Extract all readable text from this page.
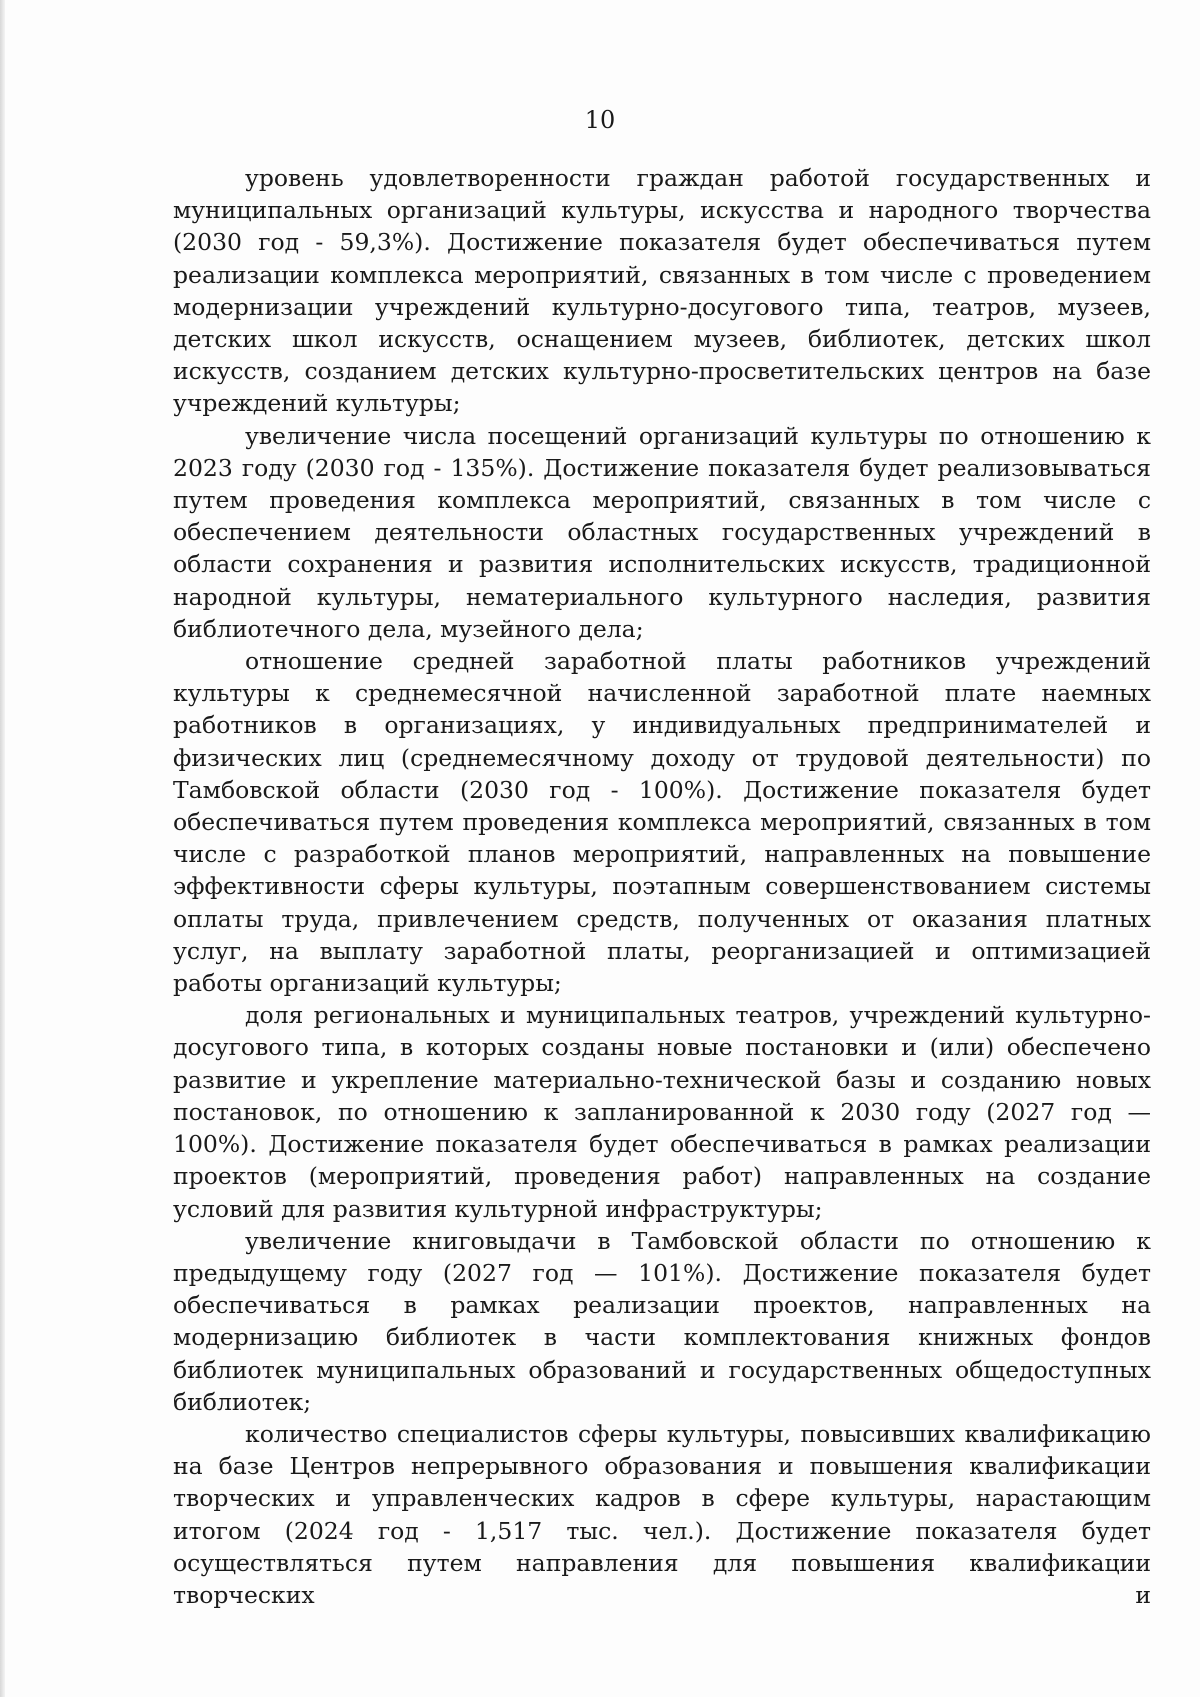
10

уровень удовлетворенности граждан работой государственных и муниципальных организаций культуры, искусства и народного творчества (2030 год - 59,3%). Достижение показателя будет обеспечиваться путем реализации комплекса мероприятий, связанных в том числе с проведением модернизации учреждений культурно-досугового типа, театров, музеев, детских школ искусств, оснащением музеев, библиотек, детских школ искусств, созданием детских культурно-просветительских центров на базе учреждений культуры;

увеличение числа посещений организаций культуры по отношению к 2023 году (2030 год - 135%). Достижение показателя будет реализовываться путем проведения комплекса мероприятий, связанных в том числе с обеспечением деятельности областных государственных учреждений в области сохранения и развития исполнительских искусств, традиционной народной культуры, нематериального культурного наследия, развития библиотечного дела, музейного дела;

отношение средней заработной платы работников учреждений культуры к среднемесячной начисленной заработной плате наемных работников в организациях, у индивидуальных предпринимателей и физических лиц (среднемесячному доходу от трудовой деятельности) по Тамбовской области (2030 год - 100%). Достижение показателя будет обеспечиваться путем проведения комплекса мероприятий, связанных в том числе с разработкой планов мероприятий, направленных на повышение эффективности сферы культуры, поэтапным совершенствованием системы оплаты труда, привлечением средств, полученных от оказания платных услуг, на выплату заработной платы, реорганизацией и оптимизацией работы организаций культуры;

доля региональных и муниципальных театров, учреждений культурно-досугового типа, в которых созданы новые постановки и (или) обеспечено развитие и укрепление материально-технической базы и созданию новых постановок, по отношению к запланированной к 2030 году (2027 год — 100%). Достижение показателя будет обеспечиваться в рамках реализации проектов (мероприятий, проведения работ) направленных на создание условий для развития культурной инфраструктуры;

увеличение книговыдачи в Тамбовской области по отношению к предыдущему году (2027 год — 101%). Достижение показателя будет обеспечиваться в рамках реализации проектов, направленных на модернизацию библиотек в части комплектования книжных фондов библиотек муниципальных образований и государственных общедоступных библиотек;

количество специалистов сферы культуры, повысивших квалификацию на базе Центров непрерывного образования и повышения квалификации творческих и управленческих кадров в сфере культуры, нарастающим итогом (2024 год - 1,517 тыс. чел.). Достижение показателя будет осуществляться путем направления для повышения квалификации творческих и
